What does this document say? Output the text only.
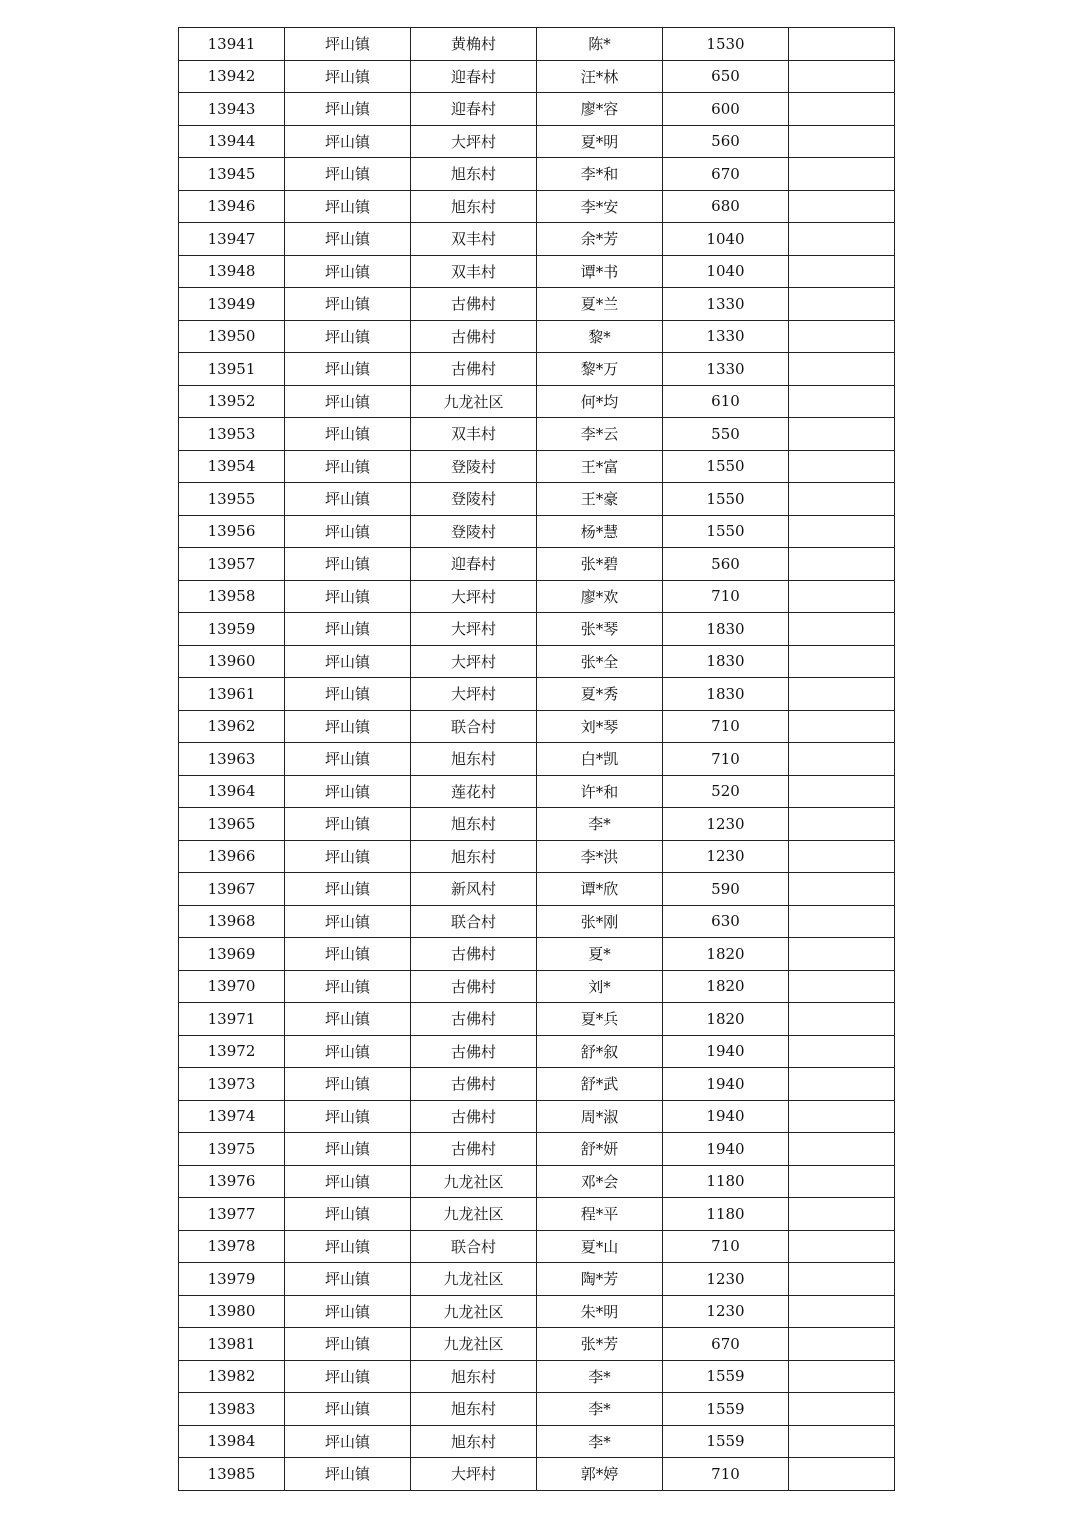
13941	坪山镇	黄桷村	陈*	1530	
13942	坪山镇	迎春村	汪*林	650	
13943	坪山镇	迎春村	廖*容	600	
13944	坪山镇	大坪村	夏*明	560	
13945	坪山镇	旭东村	李*和	670	
13946	坪山镇	旭东村	李*安	680	
13947	坪山镇	双丰村	余*芳	1040	
13948	坪山镇	双丰村	谭*书	1040	
13949	坪山镇	古佛村	夏*兰	1330	
13950	坪山镇	古佛村	黎*	1330	
13951	坪山镇	古佛村	黎*万	1330	
13952	坪山镇	九龙社区	何*均	610	
13953	坪山镇	双丰村	李*云	550	
13954	坪山镇	登陵村	王*富	1550	
13955	坪山镇	登陵村	王*豪	1550	
13956	坪山镇	登陵村	杨*慧	1550	
13957	坪山镇	迎春村	张*碧	560	
13958	坪山镇	大坪村	廖*欢	710	
13959	坪山镇	大坪村	张*琴	1830	
13960	坪山镇	大坪村	张*全	1830	
13961	坪山镇	大坪村	夏*秀	1830	
13962	坪山镇	联合村	刘*琴	710	
13963	坪山镇	旭东村	白*凯	710	
13964	坪山镇	莲花村	许*和	520	
13965	坪山镇	旭东村	李*	1230	
13966	坪山镇	旭东村	李*洪	1230	
13967	坪山镇	新风村	谭*欣	590	
13968	坪山镇	联合村	张*刚	630	
13969	坪山镇	古佛村	夏*	1820	
13970	坪山镇	古佛村	刘*	1820	
13971	坪山镇	古佛村	夏*兵	1820	
13972	坪山镇	古佛村	舒*叙	1940	
13973	坪山镇	古佛村	舒*武	1940	
13974	坪山镇	古佛村	周*淑	1940	
13975	坪山镇	古佛村	舒*妍	1940	
13976	坪山镇	九龙社区	邓*会	1180	
13977	坪山镇	九龙社区	程*平	1180	
13978	坪山镇	联合村	夏*山	710	
13979	坪山镇	九龙社区	陶*芳	1230	
13980	坪山镇	九龙社区	朱*明	1230	
13981	坪山镇	九龙社区	张*芳	670	
13982	坪山镇	旭东村	李*	1559	
13983	坪山镇	旭东村	李*	1559	
13984	坪山镇	旭东村	李*	1559	
13985	坪山镇	大坪村	郭*婷	710	
